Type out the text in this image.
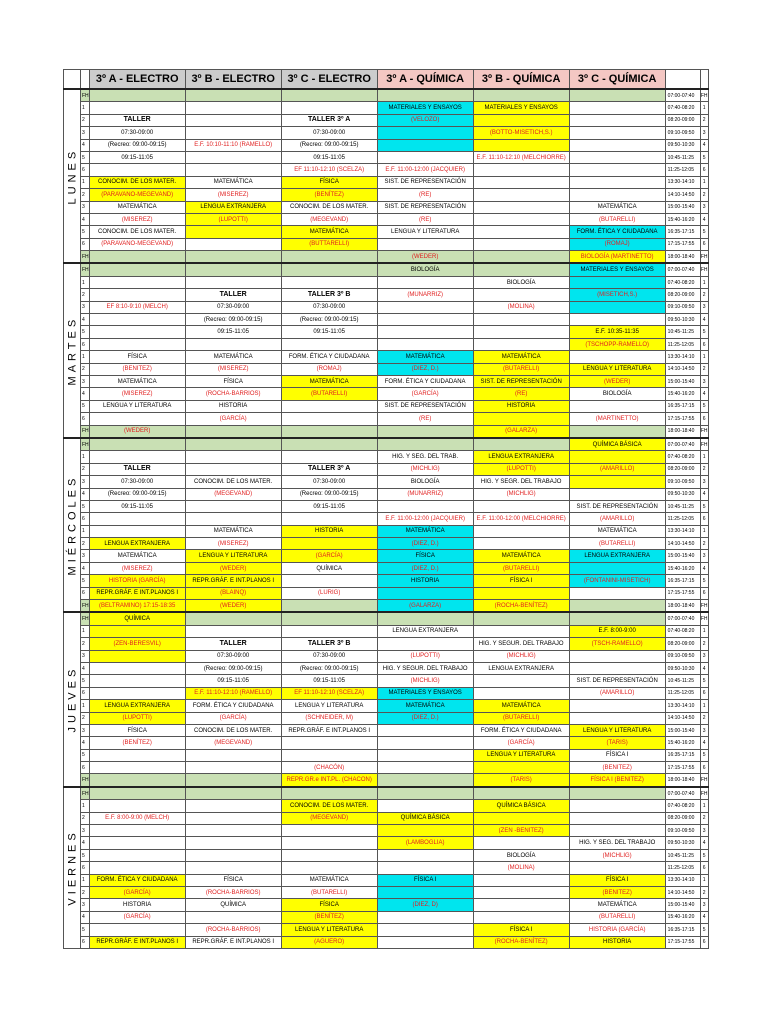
		3º A - ELECTRO	3º B - ELECTRO	3º C - ELECTRO	3º A - QUÍMICA	3º B - QUÍMICA	3º C - QUÍMICA		
LUNES	FH							07:00-07:40	FH
	1				MATERIALES Y ENSAYOS	MATERIALES Y ENSAYOS		07:40-08:20	1
	2	TALLER		TALLER 3º A	(VELOZO)			08:20-09:00	2
	3	07:30-09:00		07:30-09:00		(BOTTO-MISETICH,S.)		09:10-09:50	3
	4	(Recreo: 09:00-09:15)	E.F. 10:10-11:10 (RAMELLO)	(Recreo: 09:00-09:15)				09:50-10:30	4
	5	09:15-11:05		09:15-11:05		E.F. 11:10-12:10 (MELCHIORRE)		10:45-11:25	5
	6			EF 11:10-12:10 (SCELZA)	E.F. 11:00-12:00 (JACQUIER)			11:25-12:05	6
	1	CONOCIM. DE LOS MATER.	MATEMÁTICA	FÍSICA	SIST. DE REPRESENTACIÓN			13:30-14:10	1
	2	(PARAVANO-MEGEVAND)	(MISEREZ)	(BENÍTEZ)	(RE)			14:10-14:50	2
	3	MATEMÁTICA	LENGUA EXTRANJERA	CONOCIM. DE LOS MATER.	SIST. DE REPRESENTACIÓN		MATEMÁTICA	15:00-15:40	3
	4	(MISEREZ)	(LUPOTTI)	(MEGEVAND)	(RE)		(BUTARELLI)	15:40-16:20	4
	5	CONOCIM. DE LOS MATER.		MATEMÁTICA	LENGUA Y LITERATURA		FORM. ÉTICA Y CIUDADANA	16:35-17:15	5
	6	(PARAVANO-MEGEVAND)		(BUTTARELLI)			(ROMAJ)	17:15-17:55	6
	FH				(WEDER)		BIOLOGÍA (MARTINETTO)	18:00-18:40	FH
MARTES	FH				BIOLOGÍA		MATERIALES Y ENSAYOS	07:00-07:40	FH
	1					BIOLOGÍA		07:40-08:20	1
	2		TALLER	TALLER 3º B	(MUNARRIZ)		(MISETICH,S.)	08:20-09:00	2
	3	EF 8:10-9:10 (MELCH)	07:30-09:00	07:30-09:00		(MOLINA)		09:10-09:50	3
	4		(Recreo: 09:00-09:15)	(Recreo: 09:00-09:15)				09:50-10:30	4
	5		09:15-11:05	09:15-11:05			E.F. 10:35-11:35	10:45-11:25	5
	6						(TSCHOPP-RAMELLO)	11:25-12:05	6
	1	FÍSICA	MATEMÁTICA	FORM. ÉTICA Y CIUDADANA	MATEMÁTICA	MATEMÁTICA		13:30-14:10	1
	2	(BENITEZ)	(MISEREZ)	(ROMAJ)	(DIEZ, D.)	(BUTARELLI)	LENGUA Y LITERATURA	14:10-14:50	2
	3	MATEMÁTICA	FÍSICA	MATEMÁTICA	FORM. ÉTICA Y CIUDADANA	SIST. DE REPRESENTACIÓN	(WEDER)	15:00-15:40	3
	4	(MISEREZ)	(ROCHA-BARRIOS)	(BUTARELLI)	(GARCÍA)	(RE)	BIOLOGÍA	15:40-16:20	4
	5	LENGUA Y LITERATURA	HISTORIA		SIST. DE REPRESENTACIÓN	HISTORIA		16:35-17:15	5
	6		(GARCÍA)		(RE)		(MARTINETTO)	17:15-17:55	6
	FH	(WEDER)				(GALARZA)		18:00-18:40	FH
MIÉRCOLES	FH						QUÍMICA BÁSICA	07:00-07:40	FH
	1				HIG. Y SEG. DEL TRAB.	LENGUA EXTRANJERA		07:40-08:20	1
	2	TALLER		TALLER 3º A	(MICHLIG)	(LUPOTTI)	(AMARILLO)	08:20-09:00	2
	3	07:30-09:00	CONOCIM. DE LOS MATER.	07:30-09:00	BIOLOGÍA	HIG. Y SEGR. DEL TRABAJO		09:10-09:50	3
	4	(Recreo: 09:00-09:15)	(MEGEVAND)	(Recreo: 09:00-09:15)	(MUNARRIZ)	(MICHLIG)		09:50-10:30	4
	5	09:15-11:05		09:15-11:05			SIST. DE REPRESENTACIÓN	10:45-11:25	5
	6				E.F. 11:00-12:00 (JACQUIER)	E.F. 11:00-12:00 (MELCHIORRE)	(AMARILLO)	11:25-12:05	6
	1		MATEMÁTICA	HISTORIA	MATEMÁTICA		MATEMÁTICA	13:30-14:10	1
	2	LENGUA EXTRANJERA	(MISEREZ)		(DIEZ, D.)		(BUTARELLI)	14:10-14:50	2
	3	MATEMÁTICA	LENGUA Y LITERATURA	(GARCÍA)	FÍSICA	MATEMÁTICA	LENGUA EXTRANJERA	15:00-15:40	3
	4	(MISEREZ)	(WEDER)	QUÍMICA	(DIEZ, D.)	(BUTARELLI)		15:40-16:20	4
	5	HISTORIA (GARCÍA)	REPR.GRÁF. E INT.PLANOS I		HISTORIA	FÍSICA I	(FONTANINI-MISETICH)	16:35-17:15	5
	6	REPR.GRÁF. E INT.PLANOS I	(BLAINQ)	(LURIG)				17:15-17:55	6
	FH	(BELTRAMINO) 17:15-18:35	(WEDER)		(GALARZA)	(ROCHA-BENÍTEZ)		18:00-18:40	FH
JUEVES	FH	QUÍMICA						07:00-07:40	FH
	1				LENGUA EXTRANJERA		E.F. 8:00-9:00	07:40-08:20	1
	2	(ZEN-BERESVIL)	TALLER	TALLER 3º B		HIG. Y SEGUR. DEL TRABAJO	(TSCH-RAMELLO)	08:20-09:00	2
	3		07:30-09:00	07:30-09:00	(LUPOTTI)	(MICHLIG)		09:10-09:50	3
	4		(Recreo: 09:00-09:15)	(Recreo: 09:00-09:15)	HIG. Y SEGUR. DEL TRABAJO	LENGUA EXTRANJERA		09:50-10:30	4
	5		09:15-11:05	09:15-11:05	(MICHLIG)		SIST. DE REPRESENTACIÓN	10:45-11:25	5
	6		E.F. 11:10-12:10 (RAMELLO)	EF 11:10-12:10 (SCELZA)	MATERIALES Y ENSAYOS		(AMARILLO)	11:25-12:05	6
	1	LENGUA EXTRANJERA	FORM. ÉTICA Y CIUDADANA	LENGUA Y LITERATURA	MATEMÁTICA	MATEMÁTICA		13:30-14:10	1
	2	(LUPOTTI)	(GARCÍA)	(SCHNEIDER, M)	(DIEZ, D.)	(BUTARELLI)		14:10-14:50	2
	3	FÍSICA	CONOCIM. DE LOS MATER.	REPR.GRÁF. E INT.PLANOS I		FORM. ÉTICA Y CIUDADANA	LENGUA Y LITERATURA	15:00-15:40	3
	4	(BENÍTEZ)	(MEGEVAND)			(GARCÍA)	(TARIS)	15:40-16:20	4
	5					LENGUA Y LITERATURA	FÍSICA I	16:35-17:15	5
	6			(CHACÓN)			(BENITEZ)	17:15-17:55	6
	FH			REPR.GR.e INT.PL. (CHACON)		(TARIS)	FÍSICA I (BENITEZ)	18:00-18:40	FH
VIERNES	FH							07:00-07:40	FH
	1			CONOCIM. DE LOS MATER.		QUÍMICA BÁSICA		07:40-08:20	1
	2	E.F. 8:00-9:00 (MELCH)		(MEGEVAND)	QUÍMICA BÁSICA			08:20-09:00	2
	3					(ZEN -BENITEZ)		09:10-09:50	3
	4				(LAMBOGLIA)		HIG. Y SEG. DEL TRABAJO	09:50-10:30	4
	5					BIOLOGÍA	(MICHLIG)	10:45-11:25	5
	6					(MOLINA)		11:25-12:05	6
	1	FORM. ÉTICA Y CIUDADANA	FÍSICA	MATEMÁTICA	FÍSICA I		FÍSICA I	13:30-14:10	1
	2	(GARCÍA)	(ROCHA-BARRIOS)	(BUTARELLI)			(BENITEZ)	14:10-14:50	2
	3	HISTORIA	QUÍMICA	FÍSICA	(DIEZ, D)		MATEMÁTICA	15:00-15:40	3
	4	(GARCÍA)		(BENÍTEZ)			(BUTARELLI)	15:40-16:20	4
	5		(ROCHA-BARRIOS)	LENGUA Y LITERATURA		FÍSICA I	HISTORIA (GARCÍA)	16:35-17:15	5
	6	REPR.GRÁF. E INT.PLANOS I	REPR.GRÁF. E INT.PLANOS I	(AGUERO)		(ROCHA-BENÍTEZ)	HISTORIA	17:15-17:55	6
